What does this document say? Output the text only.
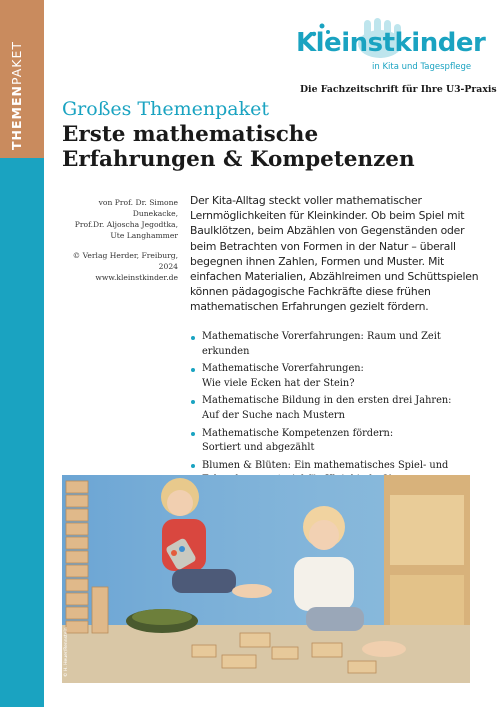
THEMENPAKET	Kleinstkinder
in Kita und Tagespflege
Die Fachzeitschrift für Ihre U3-Praxis
Großes Themenpaket
Erste mathematische
Erfahrungen & Kompetenzen
von Prof. Dr. Simone Dunekacke,
Prof.Dr. Aljoscha Jegodtka,
Ute Langhammer
© Verlag Herder, Freiburg, 2024
www.kleinstkinder.de
Der Kita-Alltag steckt voller mathematischer Lernmöglichkeiten für Kleinkinder. Ob beim Spiel mit Baulklötzen, beim Abzählen von Gegenständen oder beim Betrachten von Formen in der Natur – überall begegnen ihnen Zahlen, Formen und Muster. Mit einfachen Materialien, Abzählreimen und Schüttspielen können pädagogische Fachkräfte diese frühen mathematischen Erfahrungen gezielt fördern.
Mathematische Vorerfahrungen: Raum und Zeit erkunden
Mathematische Vorerfahrungen:
Wie viele Ecken hat der Stein?
Mathematische Bildung in den ersten drei Jahren:
Auf der Suche nach Mustern
Mathematische Kompetenzen fördern:
Sortiert und abgezählt
Blumen & Blüten: Ein mathematisches Spiel- und
© H. Heuer/Rennstein
